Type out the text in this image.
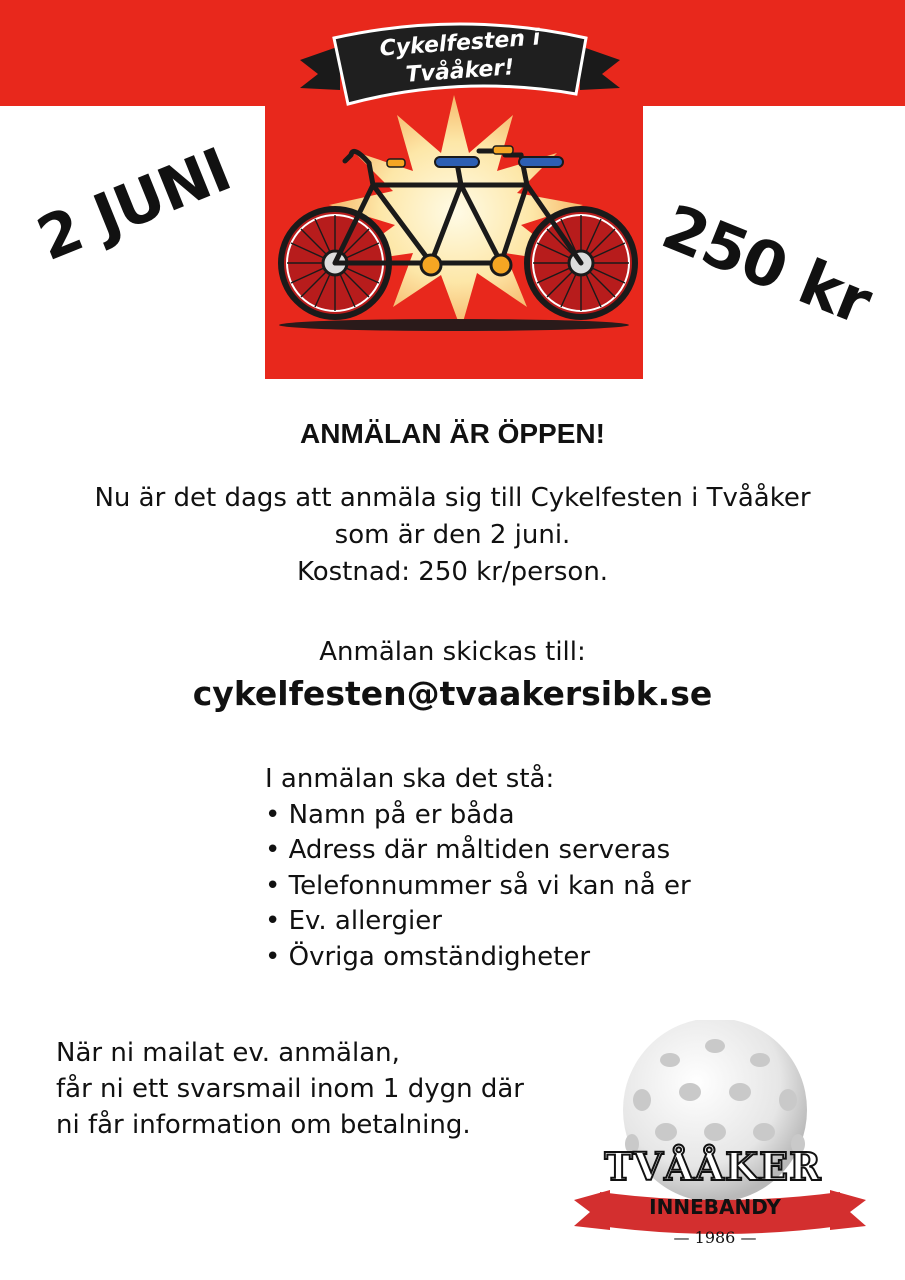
Cykelfesten i
Tvååker!
2 JUNI	250 kr
ANMÄLAN ÄR ÖPPEN!
Nu är det dags att anmäla sig till Cykelfesten i Tvååker
som är den 2 juni.
Kostnad: 250 kr/person.
Anmälan skickas till:
cykelfesten@tvaakersibk.se
I anmälan ska det stå:
• Namn på er båda
• Adress där måltiden serveras
• Telefonnummer så vi kan nå er
• Ev. allergier
• Övriga omständigheter
När ni mailat ev. anmälan,
får ni ett svarsmail inom 1 dygn där
ni får information om betalning.
TVÅÅKER
INNEBANDY
— 1986 —
